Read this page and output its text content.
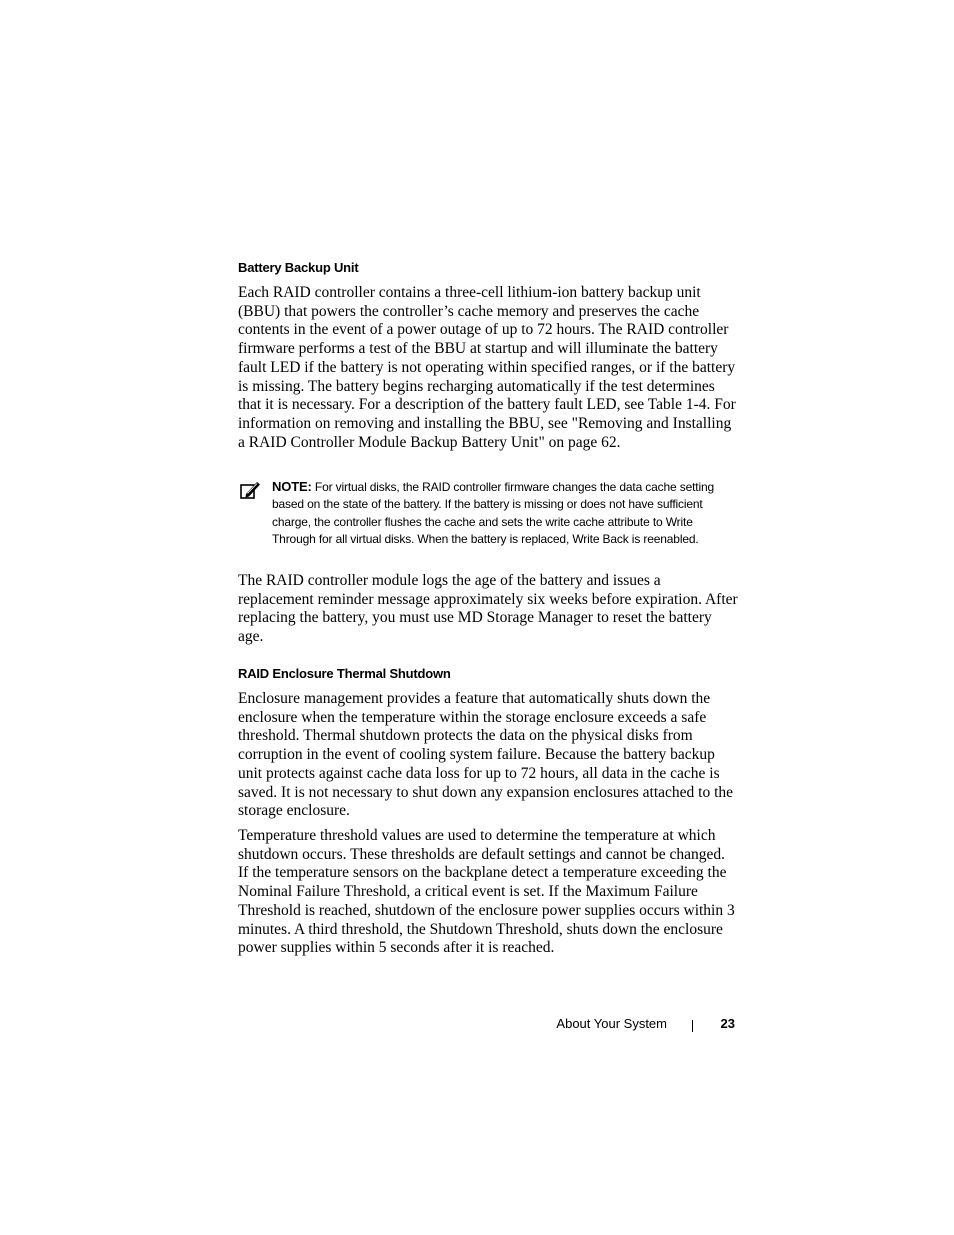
Battery Backup Unit

Each RAID controller contains a three-cell lithium-ion battery backup unit (BBU) that powers the controller’s cache memory and preserves the cache contents in the event of a power outage of up to 72 hours. The RAID controller firmware performs a test of the BBU at startup and will illuminate the battery fault LED if the battery is not operating within specified ranges, or if the battery is missing. The battery begins recharging automatically if the test determines that it is necessary. For a description of the battery fault LED, see Table 1-4. For information on removing and installing the BBU, see "Removing and Installing a RAID Controller Module Backup Battery Unit" on page 62.

NOTE: For virtual disks, the RAID controller firmware changes the data cache setting based on the state of the battery. If the battery is missing or does not have sufficient charge, the controller flushes the cache and sets the write cache attribute to Write Through for all virtual disks. When the battery is replaced, Write Back is reenabled.

The RAID controller module logs the age of the battery and issues a replacement reminder message approximately six weeks before expiration. After replacing the battery, you must use MD Storage Manager to reset the battery age.

RAID Enclosure Thermal Shutdown

Enclosure management provides a feature that automatically shuts down the enclosure when the temperature within the storage enclosure exceeds a safe threshold. Thermal shutdown protects the data on the physical disks from corruption in the event of cooling system failure. Because the battery backup unit protects against cache data loss for up to 72 hours, all data in the cache is saved. It is not necessary to shut down any expansion enclosures attached to the storage enclosure.

Temperature threshold values are used to determine the temperature at which shutdown occurs. These thresholds are default settings and cannot be changed. If the temperature sensors on the backplane detect a temperature exceeding the Nominal Failure Threshold, a critical event is set. If the Maximum Failure Threshold is reached, shutdown of the enclosure power supplies occurs within 3 minutes. A third threshold, the Shutdown Threshold, shuts down the enclosure power supplies within 5 seconds after it is reached.

About Your System	23
